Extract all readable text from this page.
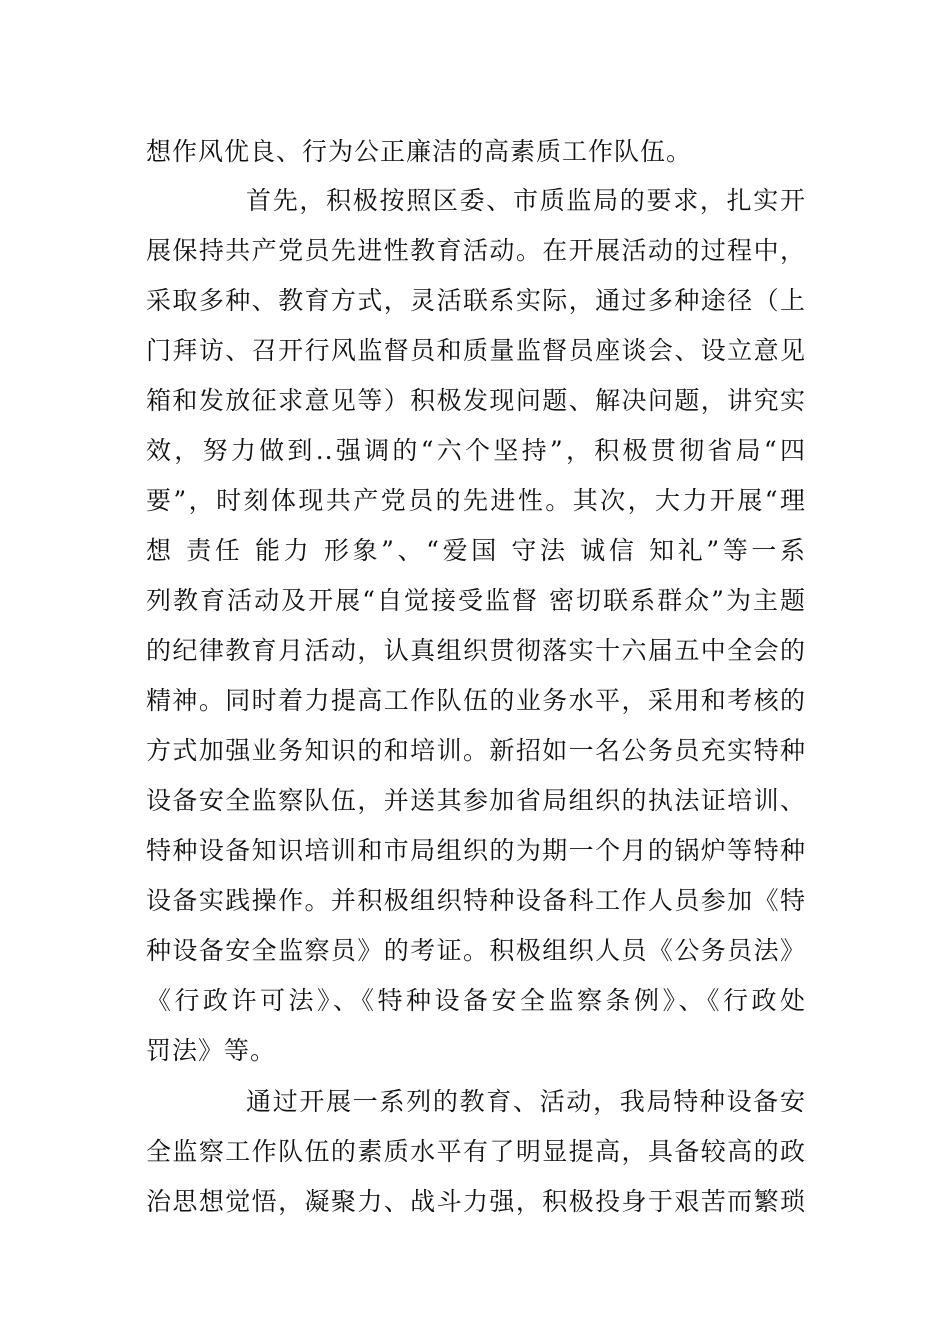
想作风优良、行为公正廉洁的高素质工作队伍。
首先，积极按照区委、市质监局的要求，扎实开
展保持共产党员先进性教育活动。在开展活动的过程中，
采取多种、教育方式，灵活联系实际，通过多种途径（上
门拜访、召开行风监督员和质量监督员座谈会、设立意见
箱和发放征求意见等）积极发现问题、解决问题，讲究实
效，努力做到..强调的“六个坚持”，积极贯彻省局“四
要”，时刻体现共产党员的先进性。其次，大力开展“理
想 责任 能力 形象”、“爱国 守法 诚信 知礼”等一系
列教育活动及开展“自觉接受监督 密切联系群众”为主题
的纪律教育月活动，认真组织贯彻落实十六届五中全会的
精神。同时着力提高工作队伍的业务水平，采用和考核的
方式加强业务知识的和培训。新招如一名公务员充实特种
设备安全监察队伍，并送其参加省局组织的执法证培训、
特种设备知识培训和市局组织的为期一个月的锅炉等特种
设备实践操作。并积极组织特种设备科工作人员参加《特
种设备安全监察员》的考证。积极组织人员《公务员法》
《行政许可法》、《特种设备安全监察条例》、《行政处
罚法》等。
通过开展一系列的教育、活动，我局特种设备安
全监察工作队伍的素质水平有了明显提高，具备较高的政
治思想觉悟，凝聚力、战斗力强，积极投身于艰苦而繁琐
